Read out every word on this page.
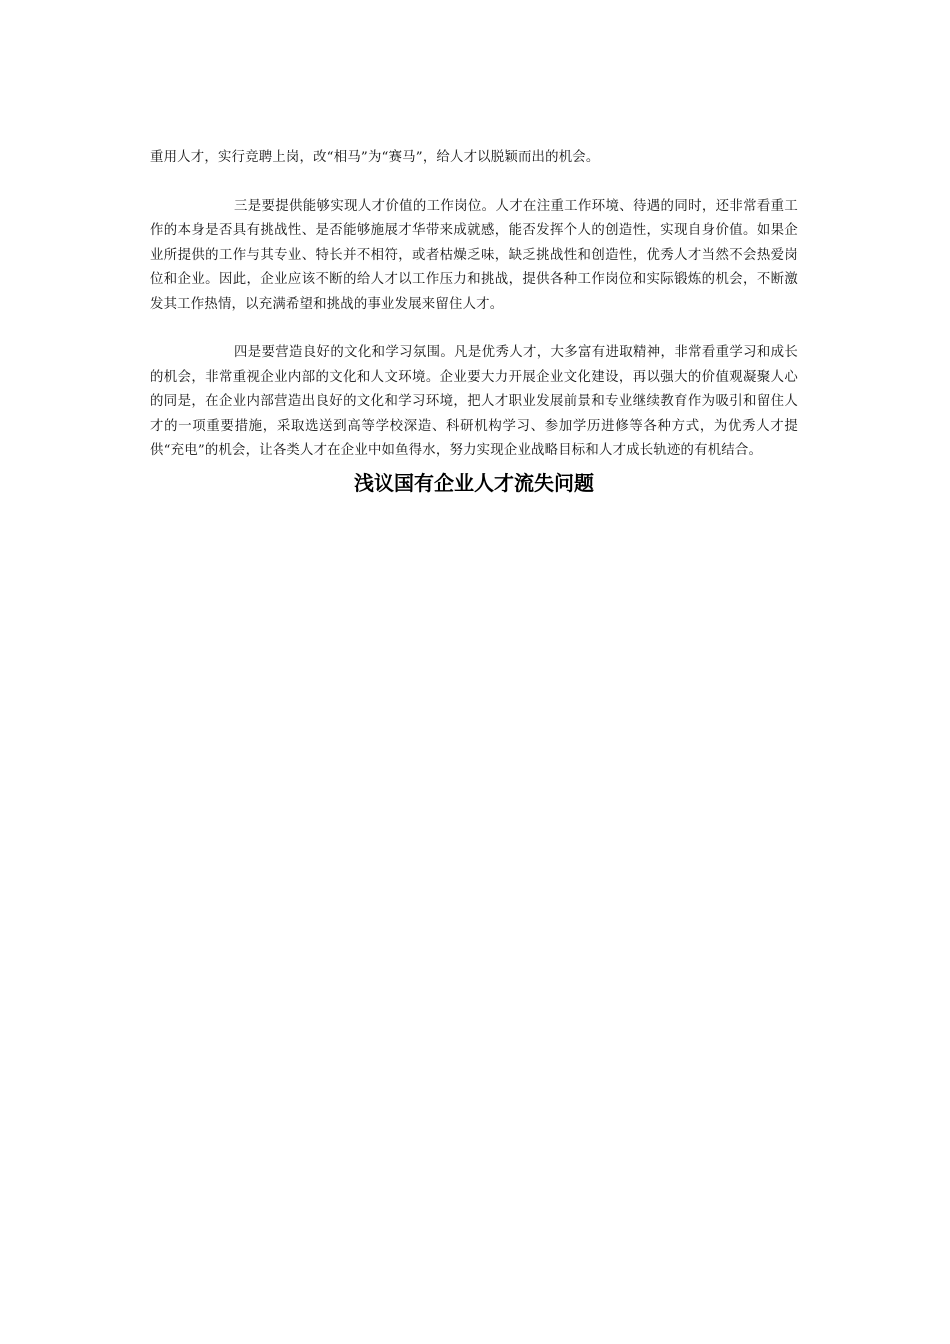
重用人才，实行竞聘上岗，改“相马”为“赛马”，给人才以脱颖而出的机会。

三是要提供能够实现人才价值的工作岗位。人才在注重工作环境、待遇的同时，还非常看重工作的本身是否具有挑战性、是否能够施展才华带来成就感，能否发挥个人的创造性，实现自身价值。如果企业所提供的工作与其专业、特长并不相符，或者枯燥乏味，缺乏挑战性和创造性，优秀人才当然不会热爱岗位和企业。因此，企业应该不断的给人才以工作压力和挑战，提供各种工作岗位和实际锻炼的机会，不断激发其工作热情，以充满希望和挑战的事业发展来留住人才。

四是要营造良好的文化和学习氛围。凡是优秀人才，大多富有进取精神，非常看重学习和成长的机会，非常重视企业内部的文化和人文环境。企业要大力开展企业文化建设，再以强大的价值观凝聚人心的同是，在企业内部营造出良好的文化和学习环境，把人才职业发展前景和专业继续教育作为吸引和留住人才的一项重要措施，采取选送到高等学校深造、科研机构学习、参加学历进修等各种方式，为优秀人才提供“充电”的机会，让各类人才在企业中如鱼得水，努力实现企业战略目标和人才成长轨迹的有机结合。

浅议国有企业人才流失问题
